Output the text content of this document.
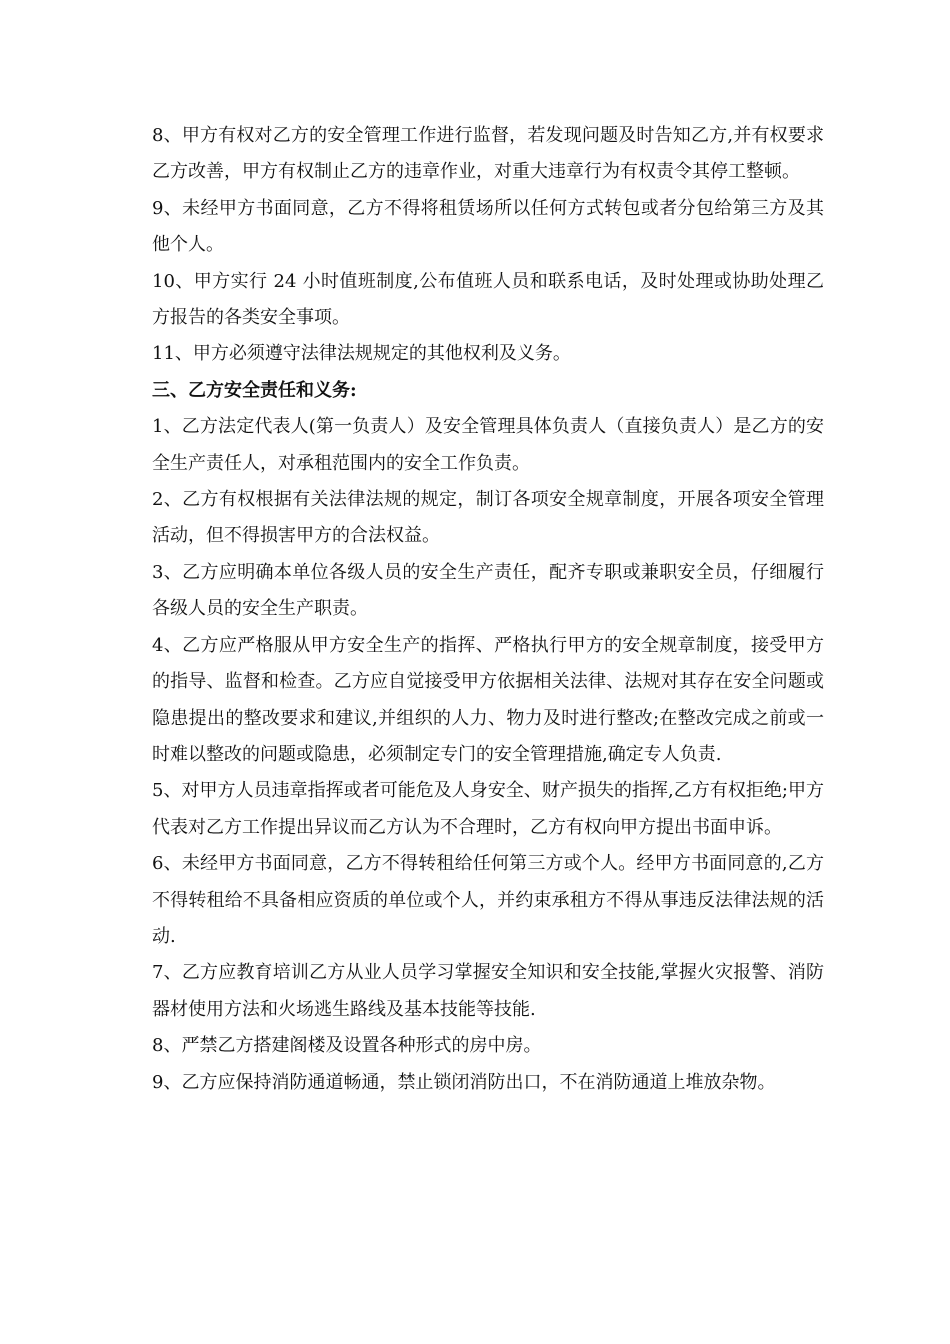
8、甲方有权对乙方的安全管理工作进行监督，若发现问题及时告知乙方,并有权要求乙方改善，甲方有权制止乙方的违章作业，对重大违章行为有权责令其停工整顿。

9、未经甲方书面同意，乙方不得将租赁场所以任何方式转包或者分包给第三方及其他个人。

10、甲方实行 24 小时值班制度,公布值班人员和联系电话，及时处理或协助处理乙方报告的各类安全事项。

11、甲方必须遵守法律法规规定的其他权利及义务。

三、乙方安全责任和义务:

1、乙方法定代表人(第一负责人）及安全管理具体负责人（直接负责人）是乙方的安全生产责任人，对承租范围内的安全工作负责。

2、乙方有权根据有关法律法规的规定，制订各项安全规章制度，开展各项安全管理活动，但不得损害甲方的合法权益。

3、乙方应明确本单位各级人员的安全生产责任，配齐专职或兼职安全员，仔细履行各级人员的安全生产职责。

4、乙方应严格服从甲方安全生产的指挥、严格执行甲方的安全规章制度，接受甲方的指导、监督和检查。乙方应自觉接受甲方依据相关法律、法规对其存在安全问题或隐患提出的整改要求和建议,并组织的人力、物力及时进行整改;在整改完成之前或一时难以整改的问题或隐患，必须制定专门的安全管理措施,确定专人负责.

5、对甲方人员违章指挥或者可能危及人身安全、财产损失的指挥,乙方有权拒绝;甲方代表对乙方工作提出异议而乙方认为不合理时，乙方有权向甲方提出书面申诉。

6、未经甲方书面同意，乙方不得转租给任何第三方或个人。经甲方书面同意的,乙方不得转租给不具备相应资质的单位或个人，并约束承租方不得从事违反法律法规的活动.

7、乙方应教育培训乙方从业人员学习掌握安全知识和安全技能,掌握火灾报警、消防器材使用方法和火场逃生路线及基本技能等技能.

8、严禁乙方搭建阁楼及设置各种形式的房中房。

9、乙方应保持消防通道畅通，禁止锁闭消防出口，不在消防通道上堆放杂物。
